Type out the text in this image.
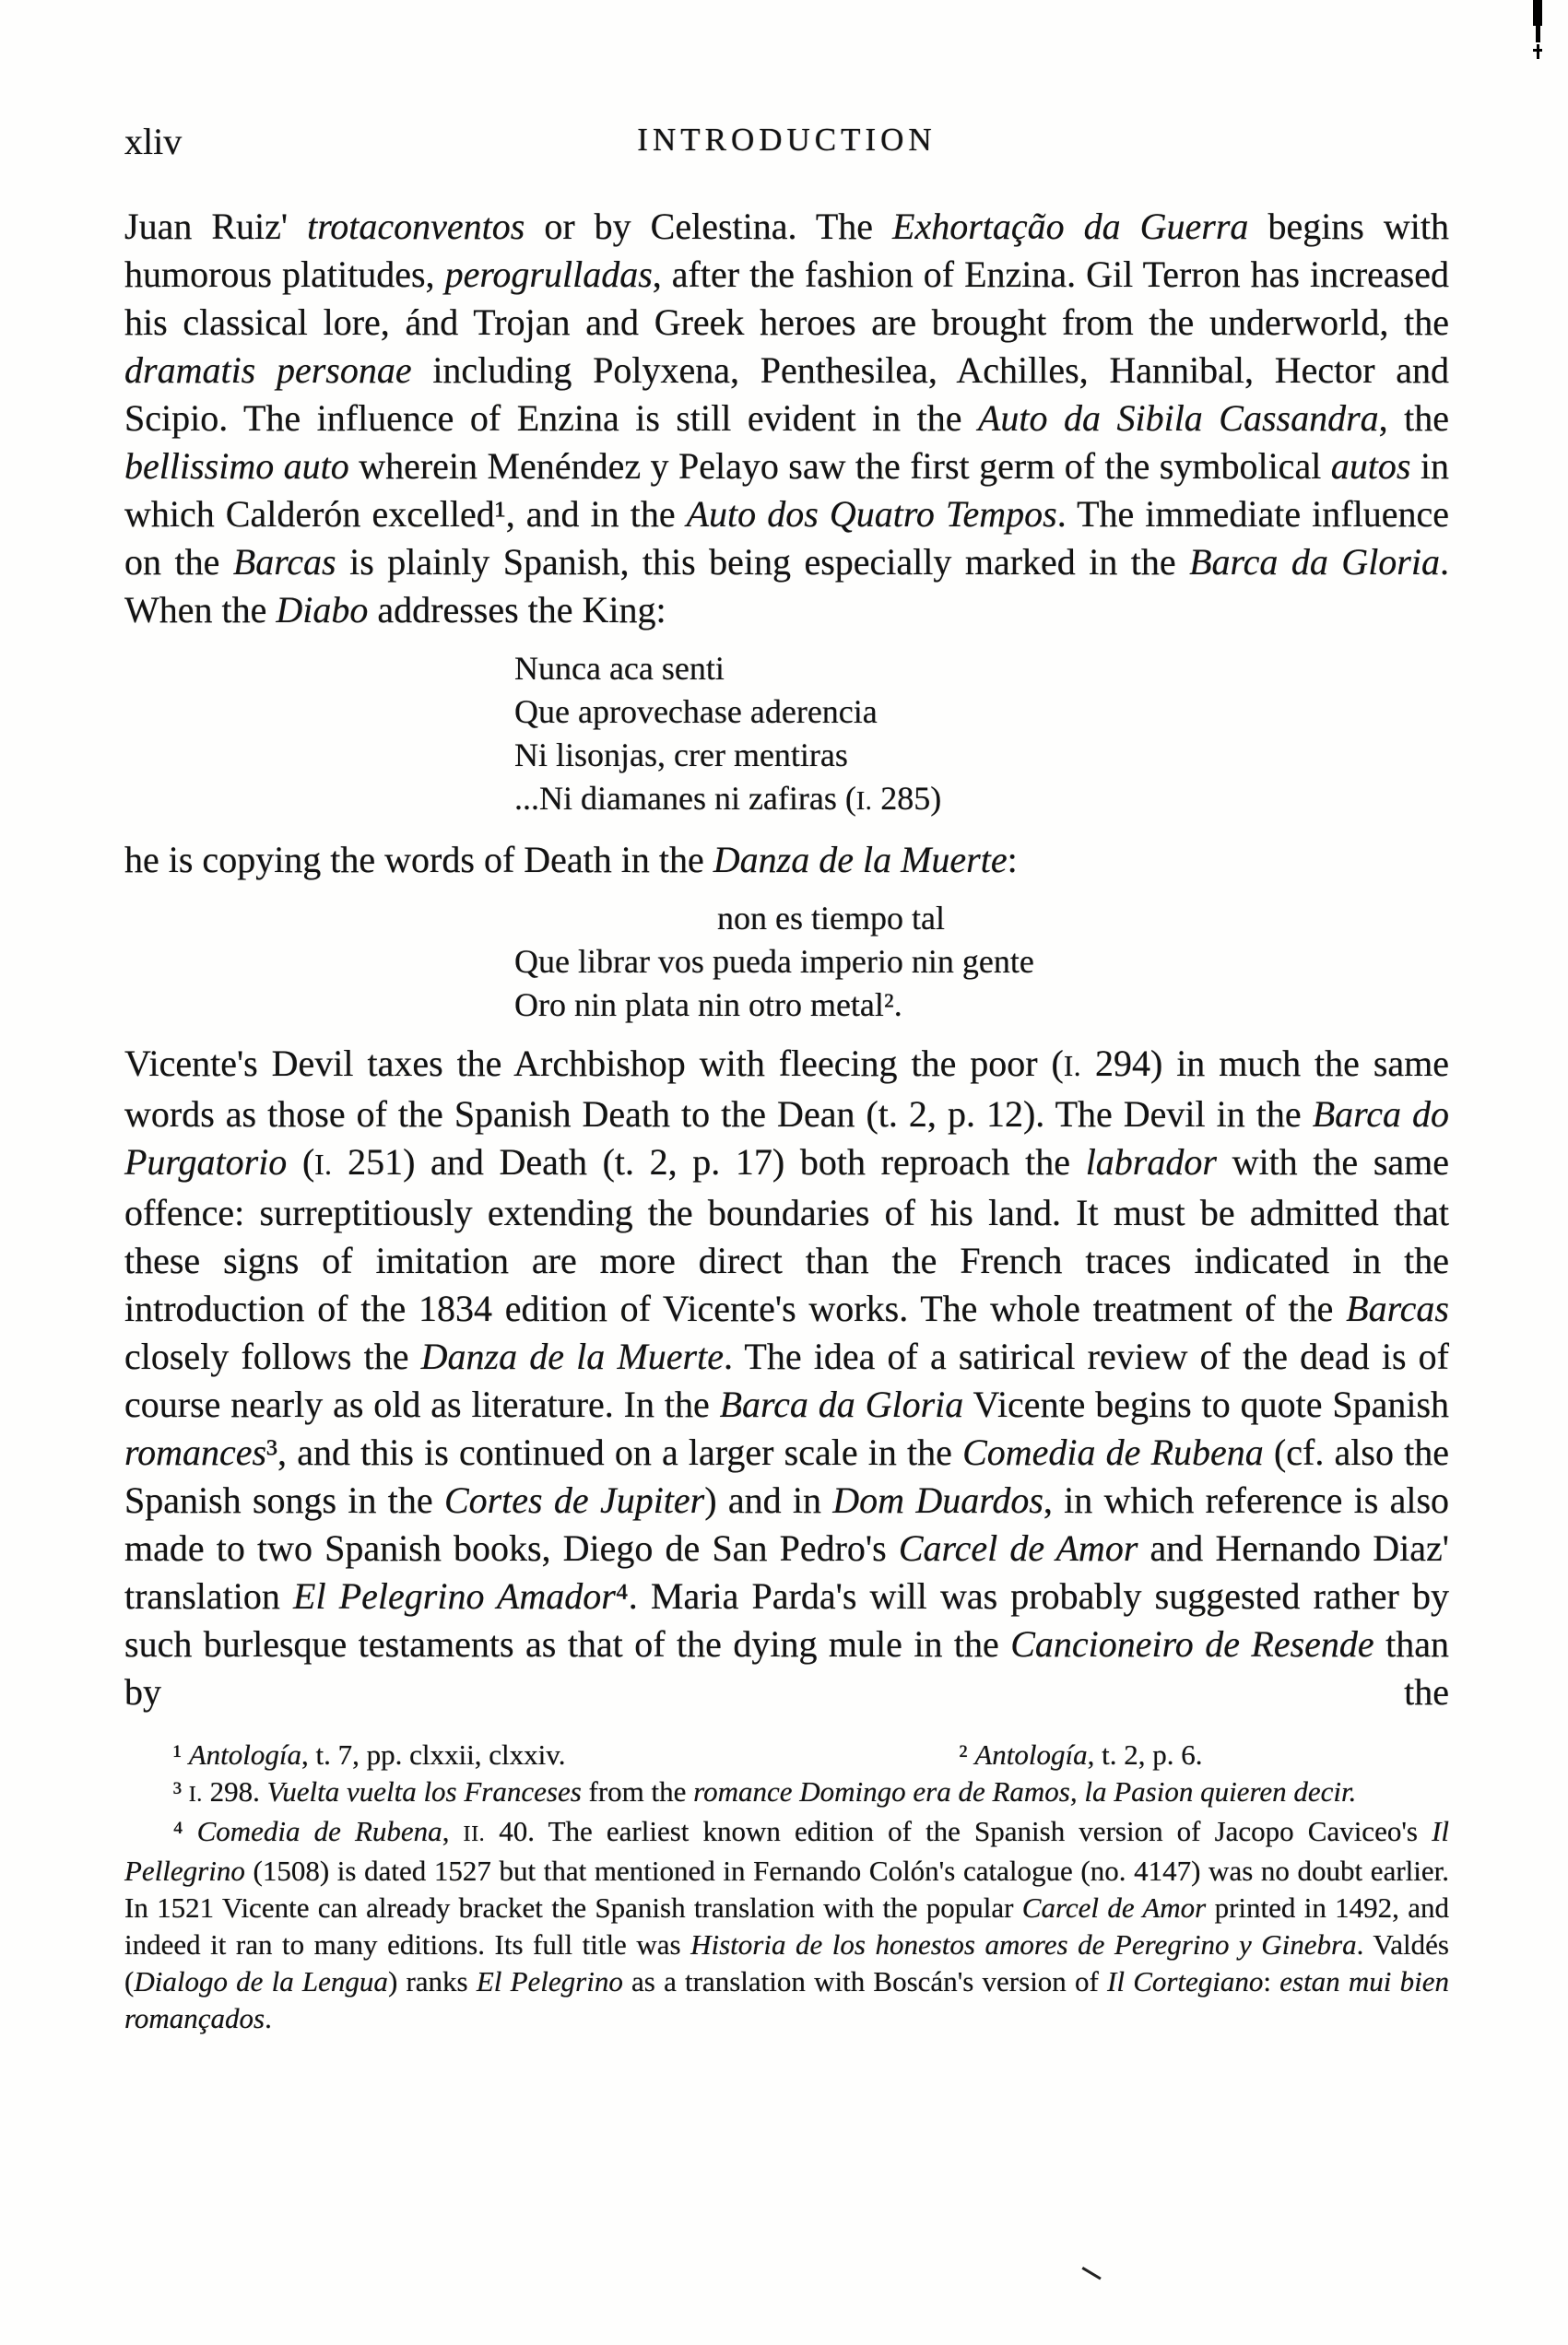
xliv	INTRODUCTION

Juan Ruiz' trotaconventos or by Celestina. The Exhortação da Guerra begins with humorous platitudes, perogrulladas, after the fashion of Enzina. Gil Terron has increased his classical lore, ánd Trojan and Greek heroes are brought from the underworld, the dramatis personae including Polyxena, Penthesilea, Achilles, Hannibal, Hector and Scipio. The influence of Enzina is still evident in the Auto da Sibila Cassandra, the bellissimo auto wherein Menéndez y Pelayo saw the first germ of the symbolical autos in which Calderón excelled¹, and in the Auto dos Quatro Tempos. The immediate influence on the Barcas is plainly Spanish, this being especially marked in the Barca da Gloria. When the Diabo addresses the King:

Nunca aca senti
Que aprovechase aderencia
Ni lisonjas, crer mentiras
...Ni diamanes ni zafiras (I. 285)

he is copying the words of Death in the Danza de la Muerte:

non es tiempo tal
Que librar vos pueda imperio nin gente
Oro nin plata nin otro metal².

Vicente's Devil taxes the Archbishop with fleecing the poor (I. 294) in much the same words as those of the Spanish Death to the Dean (t. 2, p. 12). The Devil in the Barca do Purgatorio (I. 251) and Death (t. 2, p. 17) both reproach the labrador with the same offence: surreptitiously extending the boundaries of his land. It must be admitted that these signs of imitation are more direct than the French traces indicated in the introduction of the 1834 edition of Vicente's works. The whole treatment of the Barcas closely follows the Danza de la Muerte. The idea of a satirical review of the dead is of course nearly as old as literature. In the Barca da Gloria Vicente begins to quote Spanish romances³, and this is continued on a larger scale in the Comedia de Rubena (cf. also the Spanish songs in the Cortes de Jupiter) and in Dom Duardos, in which reference is also made to two Spanish books, Diego de San Pedro's Carcel de Amor and Hernando Diaz' translation El Pelegrino Amador⁴. Maria Parda's will was probably suggested rather by such burlesque testaments as that of the dying mule in the Cancioneiro de Resende than by the

¹ Antología, t. 7, pp. clxxii, clxxiv.	² Antología, t. 2, p. 6.

³ I. 298. Vuelta vuelta los Franceses from the romance Domingo era de Ramos, la Pasion quieren decir.

⁴ Comedia de Rubena, II. 40. The earliest known edition of the Spanish version of Jacopo Caviceo's Il Pellegrino (1508) is dated 1527 but that mentioned in Fernando Colón's catalogue (no. 4147) was no doubt earlier. In 1521 Vicente can already bracket the Spanish translation with the popular Carcel de Amor printed in 1492, and indeed it ran to many editions. Its full title was Historia de los honestos amores de Peregrino y Ginebra. Valdés (Dialogo de la Lengua) ranks El Pelegrino as a translation with Boscán's version of Il Cortegiano: estan mui bien romançados.
